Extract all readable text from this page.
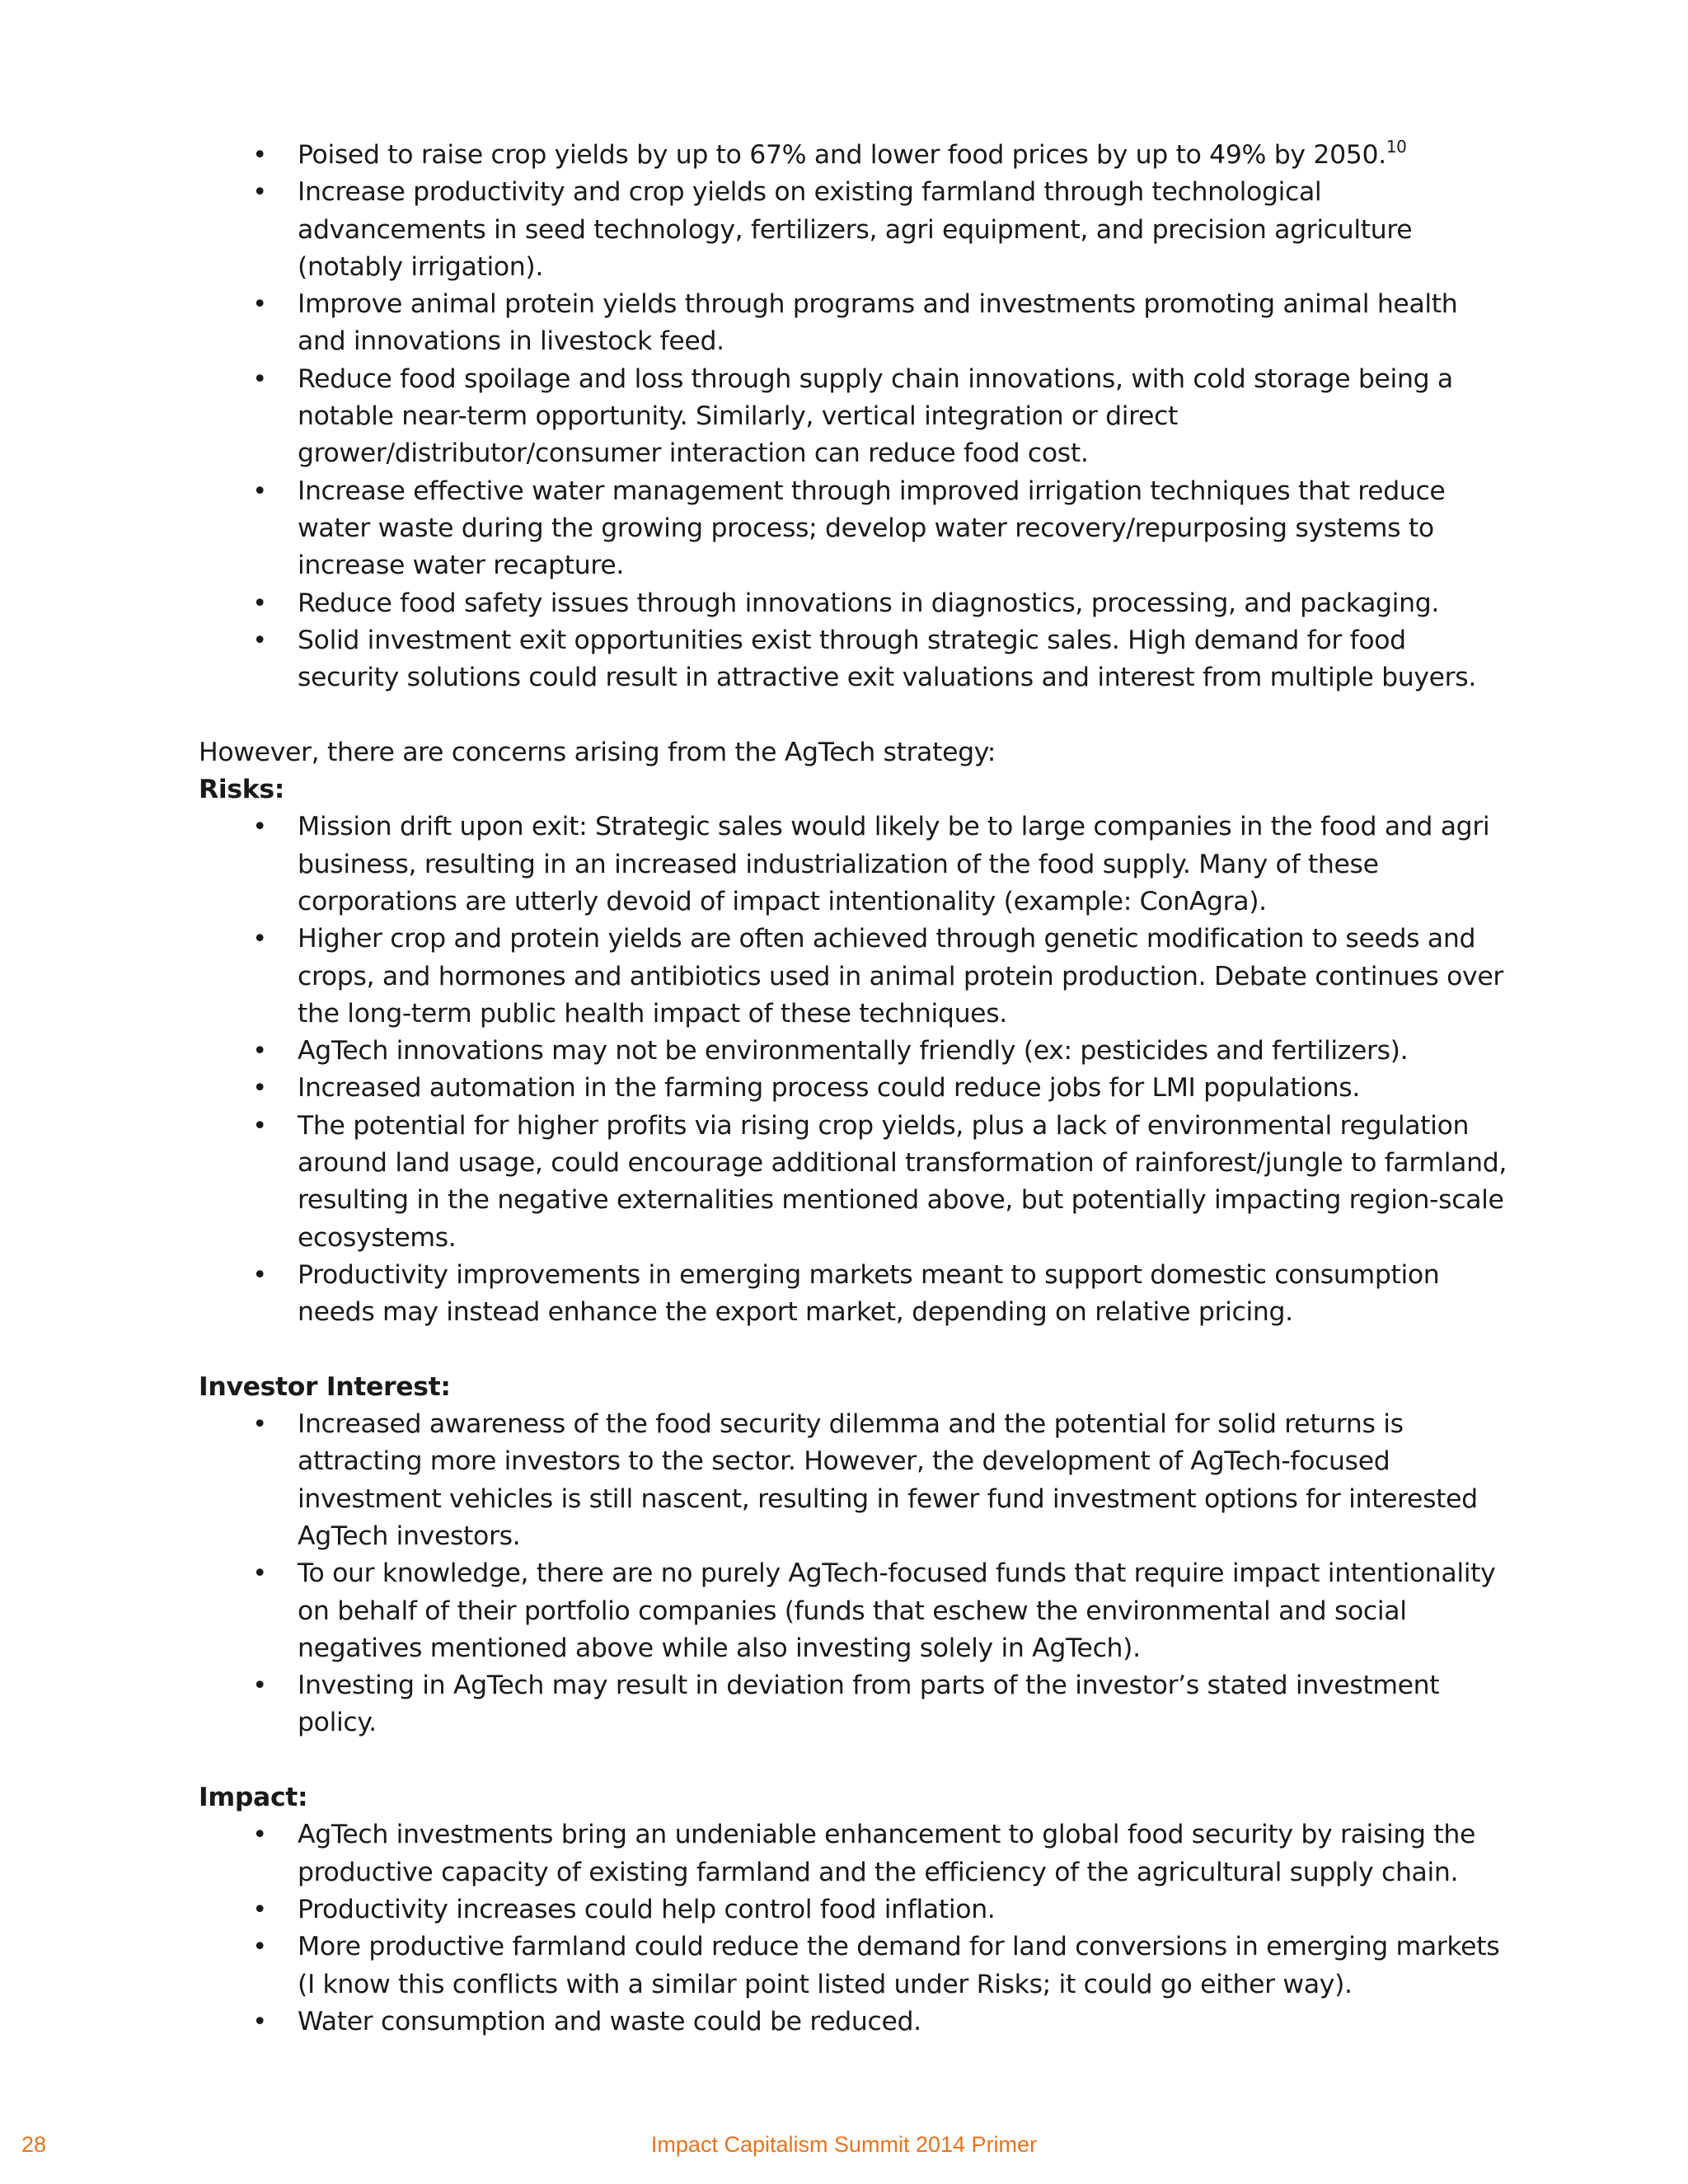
• Poised to raise crop yields by up to 67% and lower food prices by up to 49% by 2050.10
• Increase productivity and crop yields on existing farmland through technological advancements in seed technology, fertilizers, agri equipment, and precision agriculture (notably irrigation).
• Improve animal protein yields through programs and investments promoting animal health and innovations in livestock feed.
• Reduce food spoilage and loss through supply chain innovations, with cold storage being a notable near-term opportunity. Similarly, vertical integration or direct grower/distributor/consumer interaction can reduce food cost.
• Increase effective water management through improved irrigation techniques that reduce water waste during the growing process; develop water recovery/repurposing systems to increase water recapture.
• Reduce food safety issues through innovations in diagnostics, processing, and packaging.
• Solid investment exit opportunities exist through strategic sales. High demand for food security solutions could result in attractive exit valuations and interest from multiple buyers.

However, there are concerns arising from the AgTech strategy:

Risks:

• Mission drift upon exit: Strategic sales would likely be to large companies in the food and agri business, resulting in an increased industrialization of the food supply. Many of these corporations are utterly devoid of impact intentionality (example: ConAgra).
• Higher crop and protein yields are often achieved through genetic modification to seeds and crops, and hormones and antibiotics used in animal protein production. Debate continues over the long-term public health impact of these techniques.
• AgTech innovations may not be environmentally friendly (ex: pesticides and fertilizers).
• Increased automation in the farming process could reduce jobs for LMI populations.
• The potential for higher profits via rising crop yields, plus a lack of environmental regulation around land usage, could encourage additional transformation of rainforest/jungle to farmland, resulting in the negative externalities mentioned above, but potentially impacting region-scale ecosystems.
• Productivity improvements in emerging markets meant to support domestic consumption needs may instead enhance the export market, depending on relative pricing.

Investor Interest:

• Increased awareness of the food security dilemma and the potential for solid returns is attracting more investors to the sector. However, the development of AgTech-focused investment vehicles is still nascent, resulting in fewer fund investment options for interested AgTech investors.
• To our knowledge, there are no purely AgTech-focused funds that require impact intentionality on behalf of their portfolio companies (funds that eschew the environmental and social negatives mentioned above while also investing solely in AgTech).
• Investing in AgTech may result in deviation from parts of the investor’s stated investment policy.

Impact:

• AgTech investments bring an undeniable enhancement to global food security by raising the productive capacity of existing farmland and the efficiency of the agricultural supply chain.
• Productivity increases could help control food inflation.
• More productive farmland could reduce the demand for land conversions in emerging markets (I know this conflicts with a similar point listed under Risks; it could go either way).
• Water consumption and waste could be reduced.
28	Impact Capitalism Summit 2014 Primer
